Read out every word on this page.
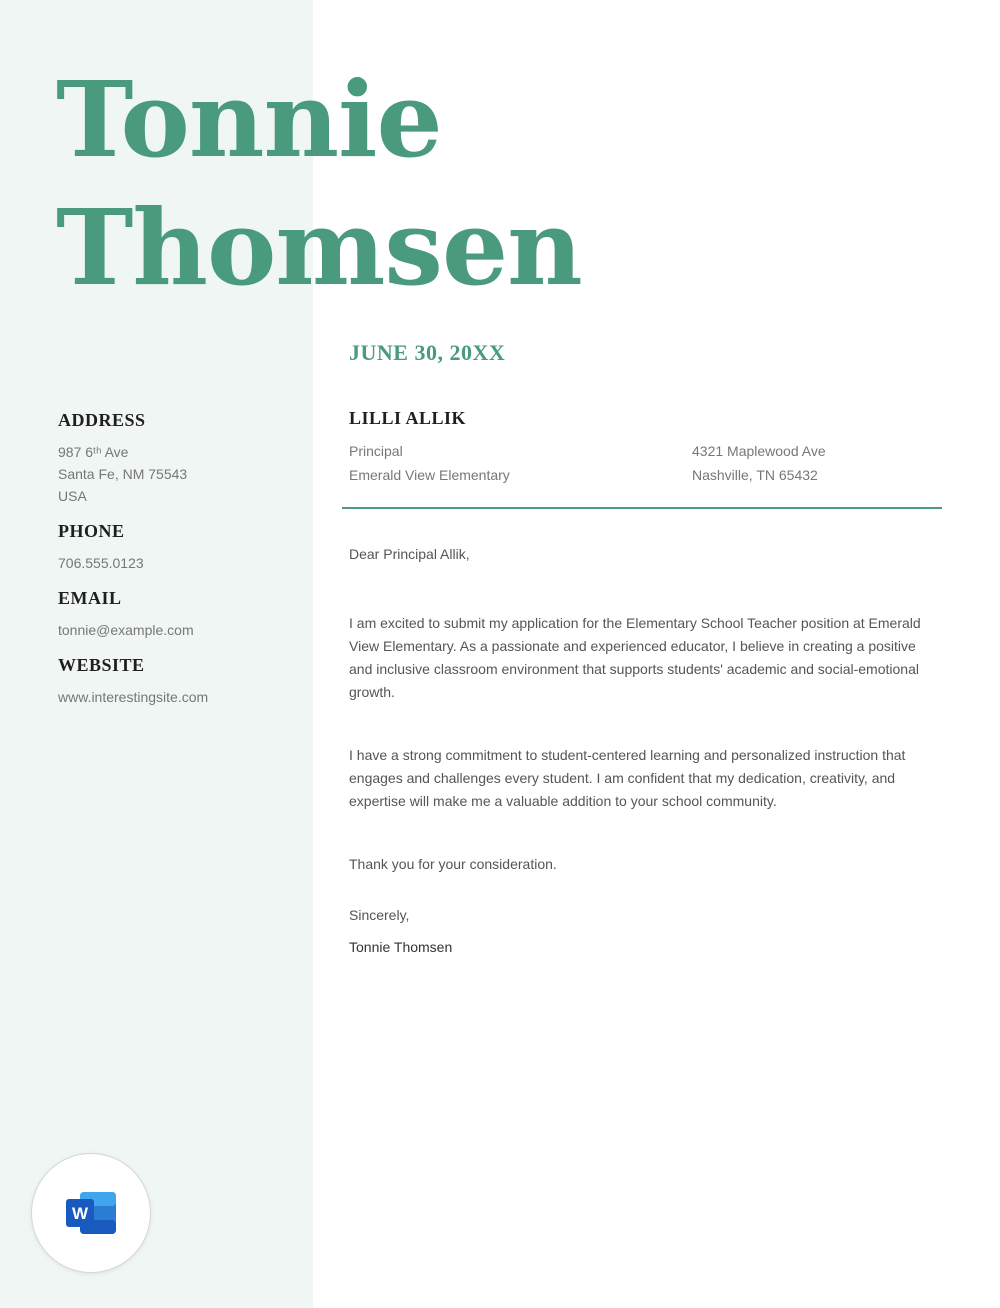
Tonnie
Thomsen
ADDRESS
987 6ᵗʰ Ave
Santa Fe, NM 75543
USA
PHONE
706.555.0123
EMAIL
tonnie@example.com
WEBSITE
www.interestingsite.com
JUNE 30, 20XX
LILLI ALLIK
Principal
Emerald View Elementary
4321 Maplewood Ave
Nashville, TN 65432

Dear Principal Allik,

I am excited to submit my application for the Elementary School Teacher position at Emerald View Elementary. As a passionate and experienced educator, I believe in creating a positive and inclusive classroom environment that supports students' academic and social-emotional growth.

I have a strong commitment to student-centered learning and personalized instruction that engages and challenges every student. I am confident that my dedication, creativity, and expertise will make me a valuable addition to your school community.

Thank you for your consideration.

Sincerely,
Tonnie Thomsen
W
